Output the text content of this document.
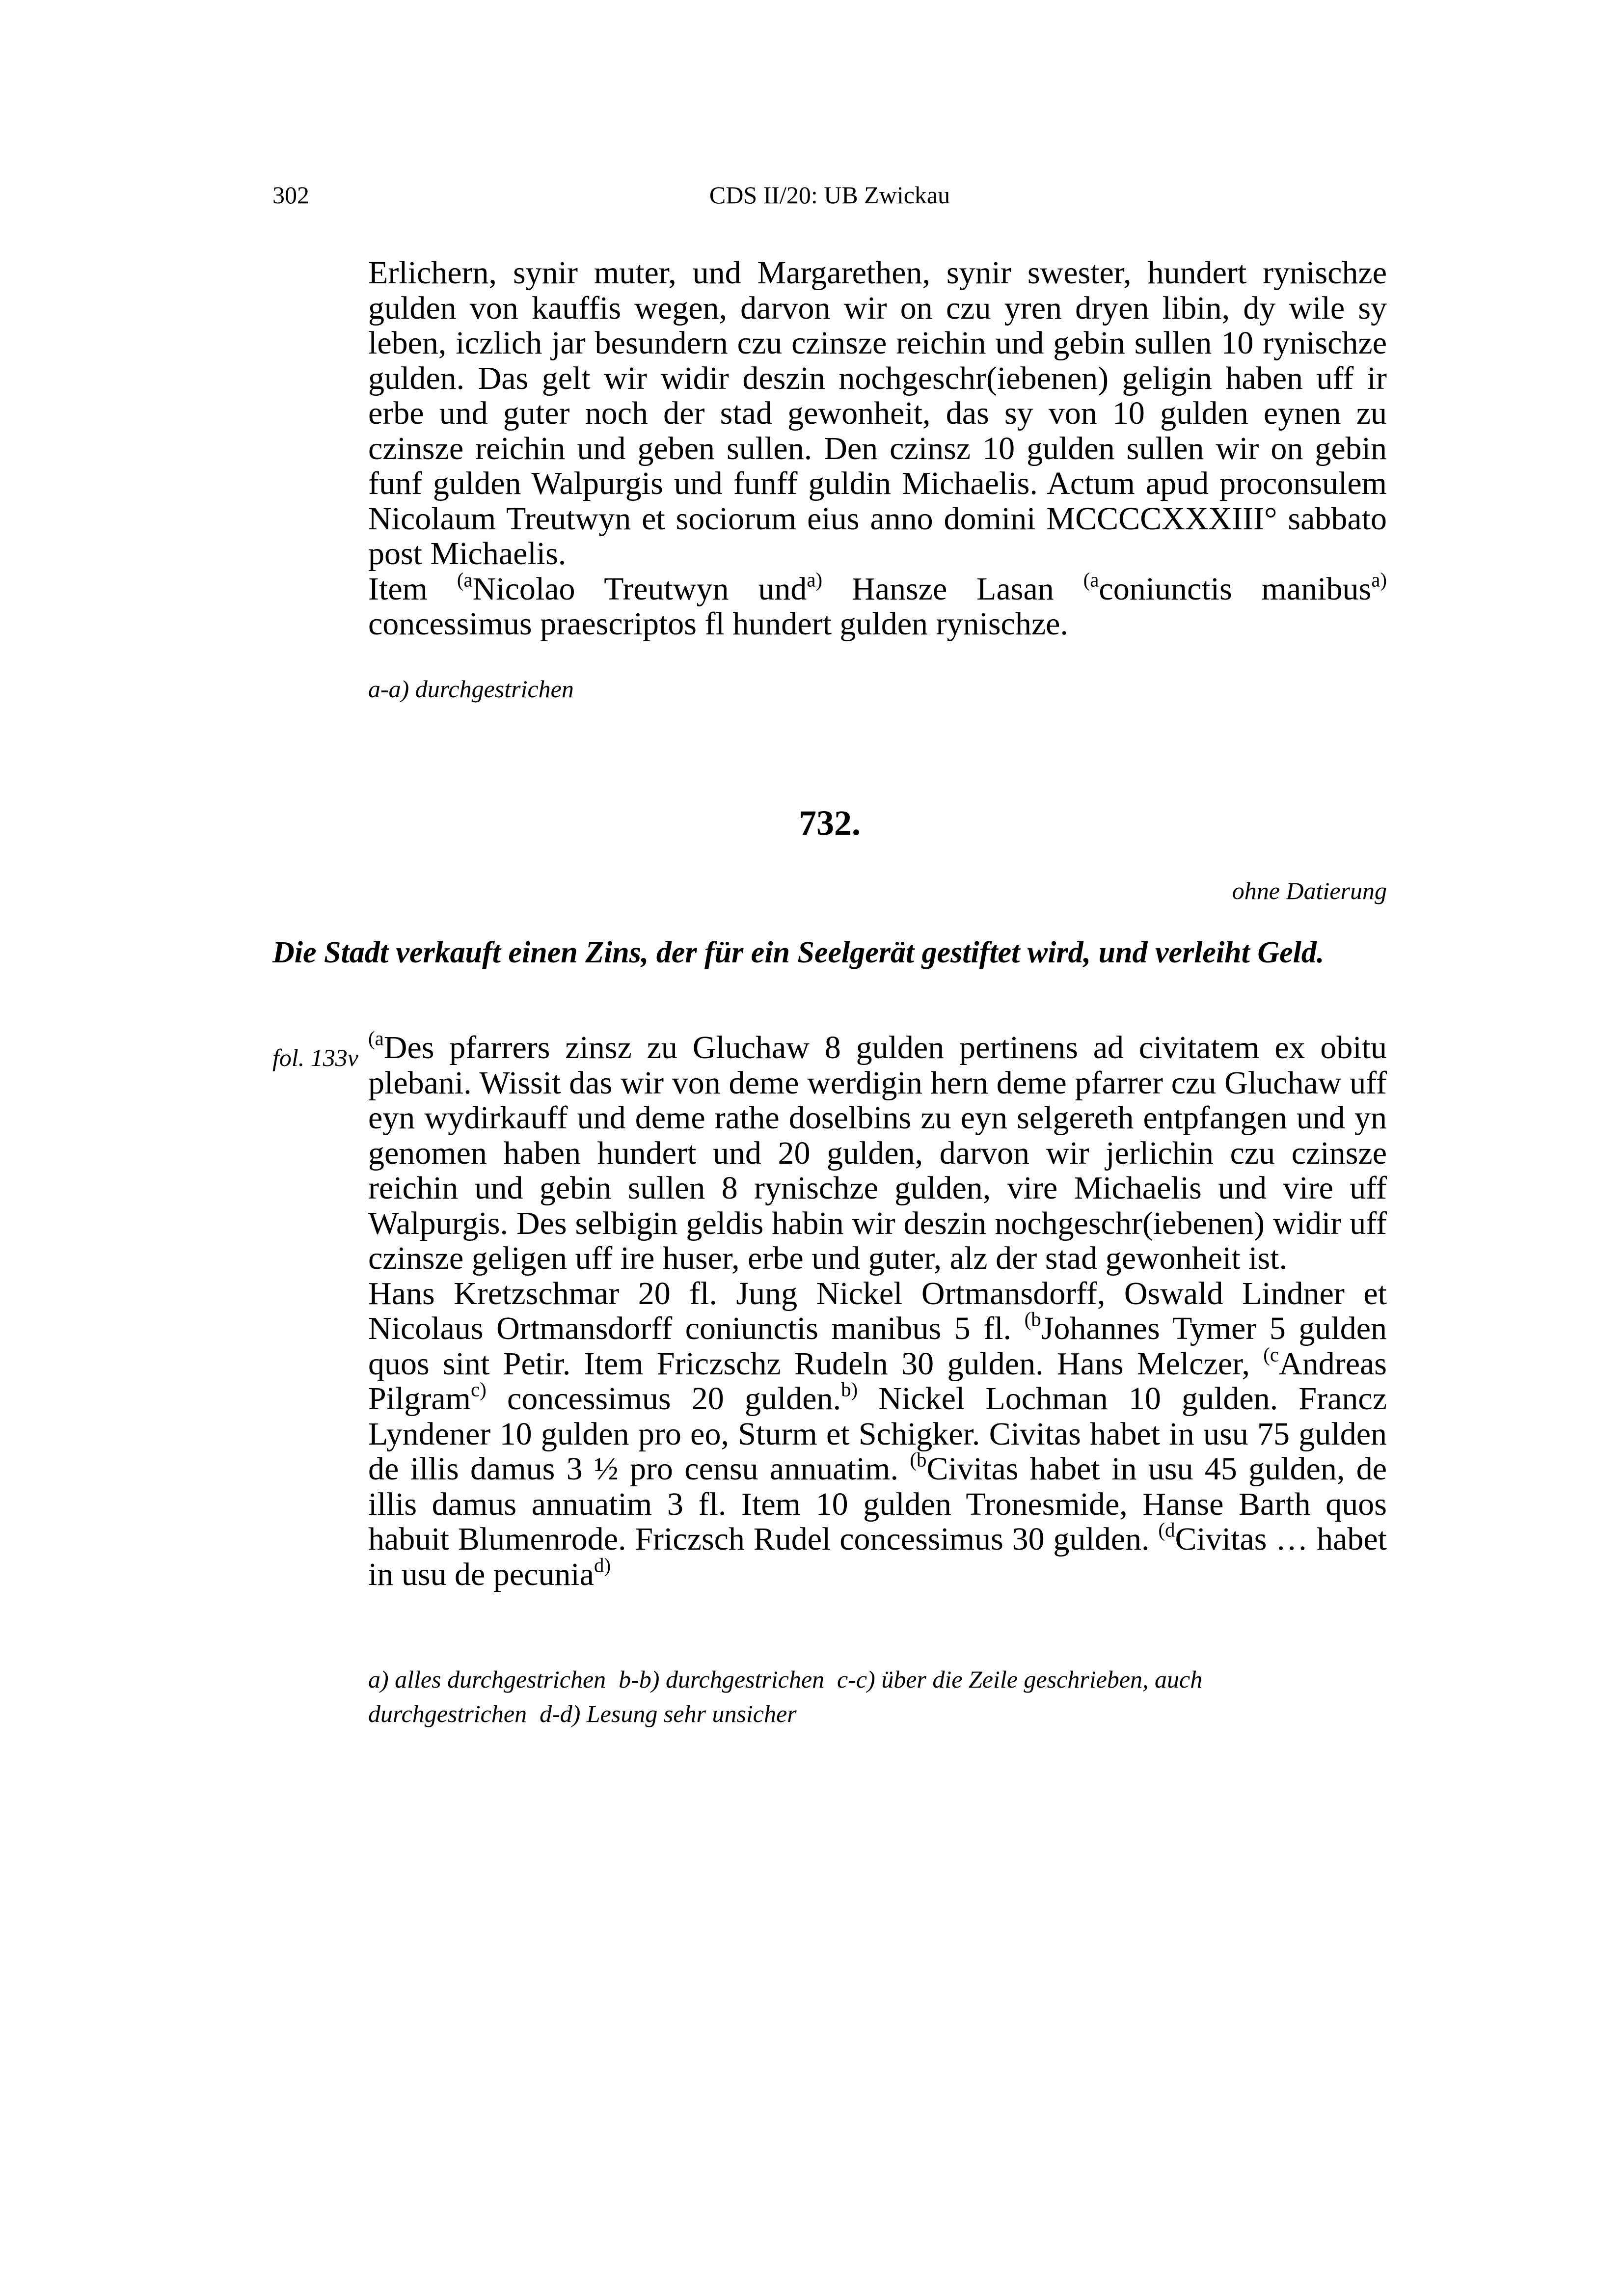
302	CDS II/20: UB Zwickau

Erlichern, synir muter, und Margarethen, synir swester, hundert rynischze gulden von kauffis wegen, darvon wir on czu yren dryen libin, dy wile sy leben, iczlich jar besundern czu czinsze reichin und gebin sullen 10 rynischze gulden. Das gelt wir widir deszin nochgeschr(iebenen) geligin haben uff ir erbe und guter noch der stad gewonheit, das sy von 10 gulden eynen zu czinsze reichin und geben sullen. Den czinsz 10 gulden sullen wir on gebin funf gulden Walpurgis und funff guldin Michaelis. Actum apud proconsulem Nicolaum Treutwyn et sociorum eius anno domini MCCCCXXXIII° sabbato post Michaelis.

Item $^{(a}$Nicolao Treutwyn und$^{a)}$ Hansze Lasan $^{(a}$coniunctis manibus$^{a)}$ concessimus praescriptos fl hundert gulden rynischze.

a-a) durchgestrichen
732.
ohne Datierung
Die Stadt verkauft einen Zins, der für ein Seelgerät gestiftet wird, und verleiht Geld.
fol. 133v

$^{(a}$Des pfarrers zinsz zu Gluchaw 8 gulden pertinens ad civitatem ex obitu plebani. Wissit das wir von deme werdigin hern deme pfarrer czu Gluchaw uff eyn wydirkauff und deme rathe doselbins zu eyn selgereth entpfangen und yn genomen haben hundert und 20 gulden, darvon wir jerlichin czu czinsze reichin und gebin sullen 8 rynischze gulden, vire Michaelis und vire uff Walpurgis. Des selbigin geldis habin wir deszin nochgeschr(iebenen) widir uff czinsze geligen uff ire huser, erbe und guter, alz der stad gewonheit ist.

Hans Kretzschmar 20 fl. Jung Nickel Ortmansdorff, Oswald Lindner et Nicolaus Ortmansdorff coniunctis manibus 5 fl. $^{(b}$Johannes Tymer 5 gulden quos sint Petir. Item Friczschz Rudeln 30 gulden. Hans Melczer, $^{(c}$Andreas Pilgram$^{c)}$ concessimus 20 gulden.$^{b)}$ Nickel Lochman 10 gulden. Francz Lyndener 10 gulden pro eo, Sturm et Schigker. Civitas habet in usu 75 gulden de illis damus 3 ½ pro censu annuatim. $^{(b}$Civitas habet in usu 45 gulden, de illis damus annuatim 3 fl. Item 10 gulden Tronesmide, Hanse Barth quos habuit Blumenrode. Friczsch Rudel concessimus 30 gulden. $^{(d}$Civitas … habet in usu de pecunia$^{d)}$

a) alles durchgestrichen b-b) durchgestrichen c-c) über die Zeile geschrieben, auch durchgestrichen d-d) Lesung sehr unsicher
